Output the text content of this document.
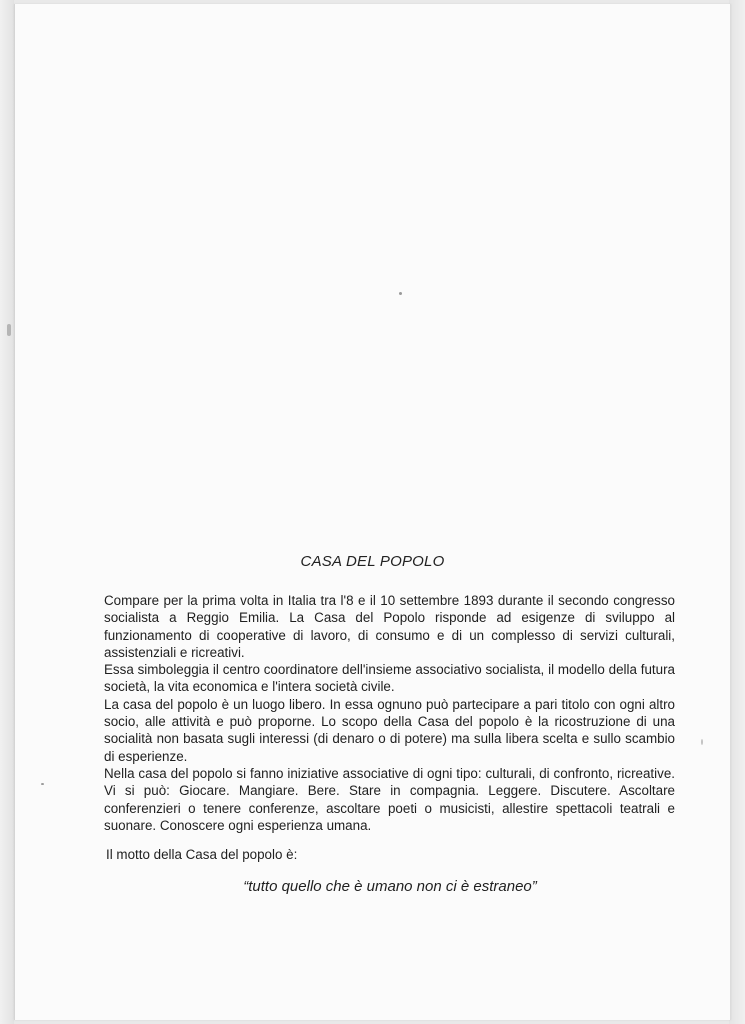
CASA DEL POPOLO

Compare per la prima volta in Italia tra l'8 e il 10 settembre 1893 durante il secondo congresso socialista a Reggio Emilia. La Casa del Popolo risponde ad esigenze di sviluppo al funzionamento di cooperative di lavoro, di consumo e di un complesso di servizi culturali, assistenziali e ricreativi.

Essa simboleggia il centro coordinatore dell'insieme associativo socialista, il modello della futura società, la vita economica e l'intera società civile.

La casa del popolo è un luogo libero. In essa ognuno può partecipare a pari titolo con ogni altro socio, alle attività e può proporne. Lo scopo della Casa del popolo è la ricostruzione di una socialità non basata sugli interessi (di denaro o di potere) ma sulla libera scelta e sullo scambio di esperienze.

Nella casa del popolo si fanno iniziative associative di ogni tipo: culturali, di confronto, ricreative. Vi si può: Giocare. Mangiare. Bere. Stare in compagnia. Leggere. Discutere. Ascoltare conferenzieri o tenere conferenze, ascoltare poeti o musicisti, allestire spettacoli teatrali e suonare. Conoscere ogni esperienza umana.

Il motto della Casa del popolo è:
“tutto quello che è umano non ci è estraneo”
